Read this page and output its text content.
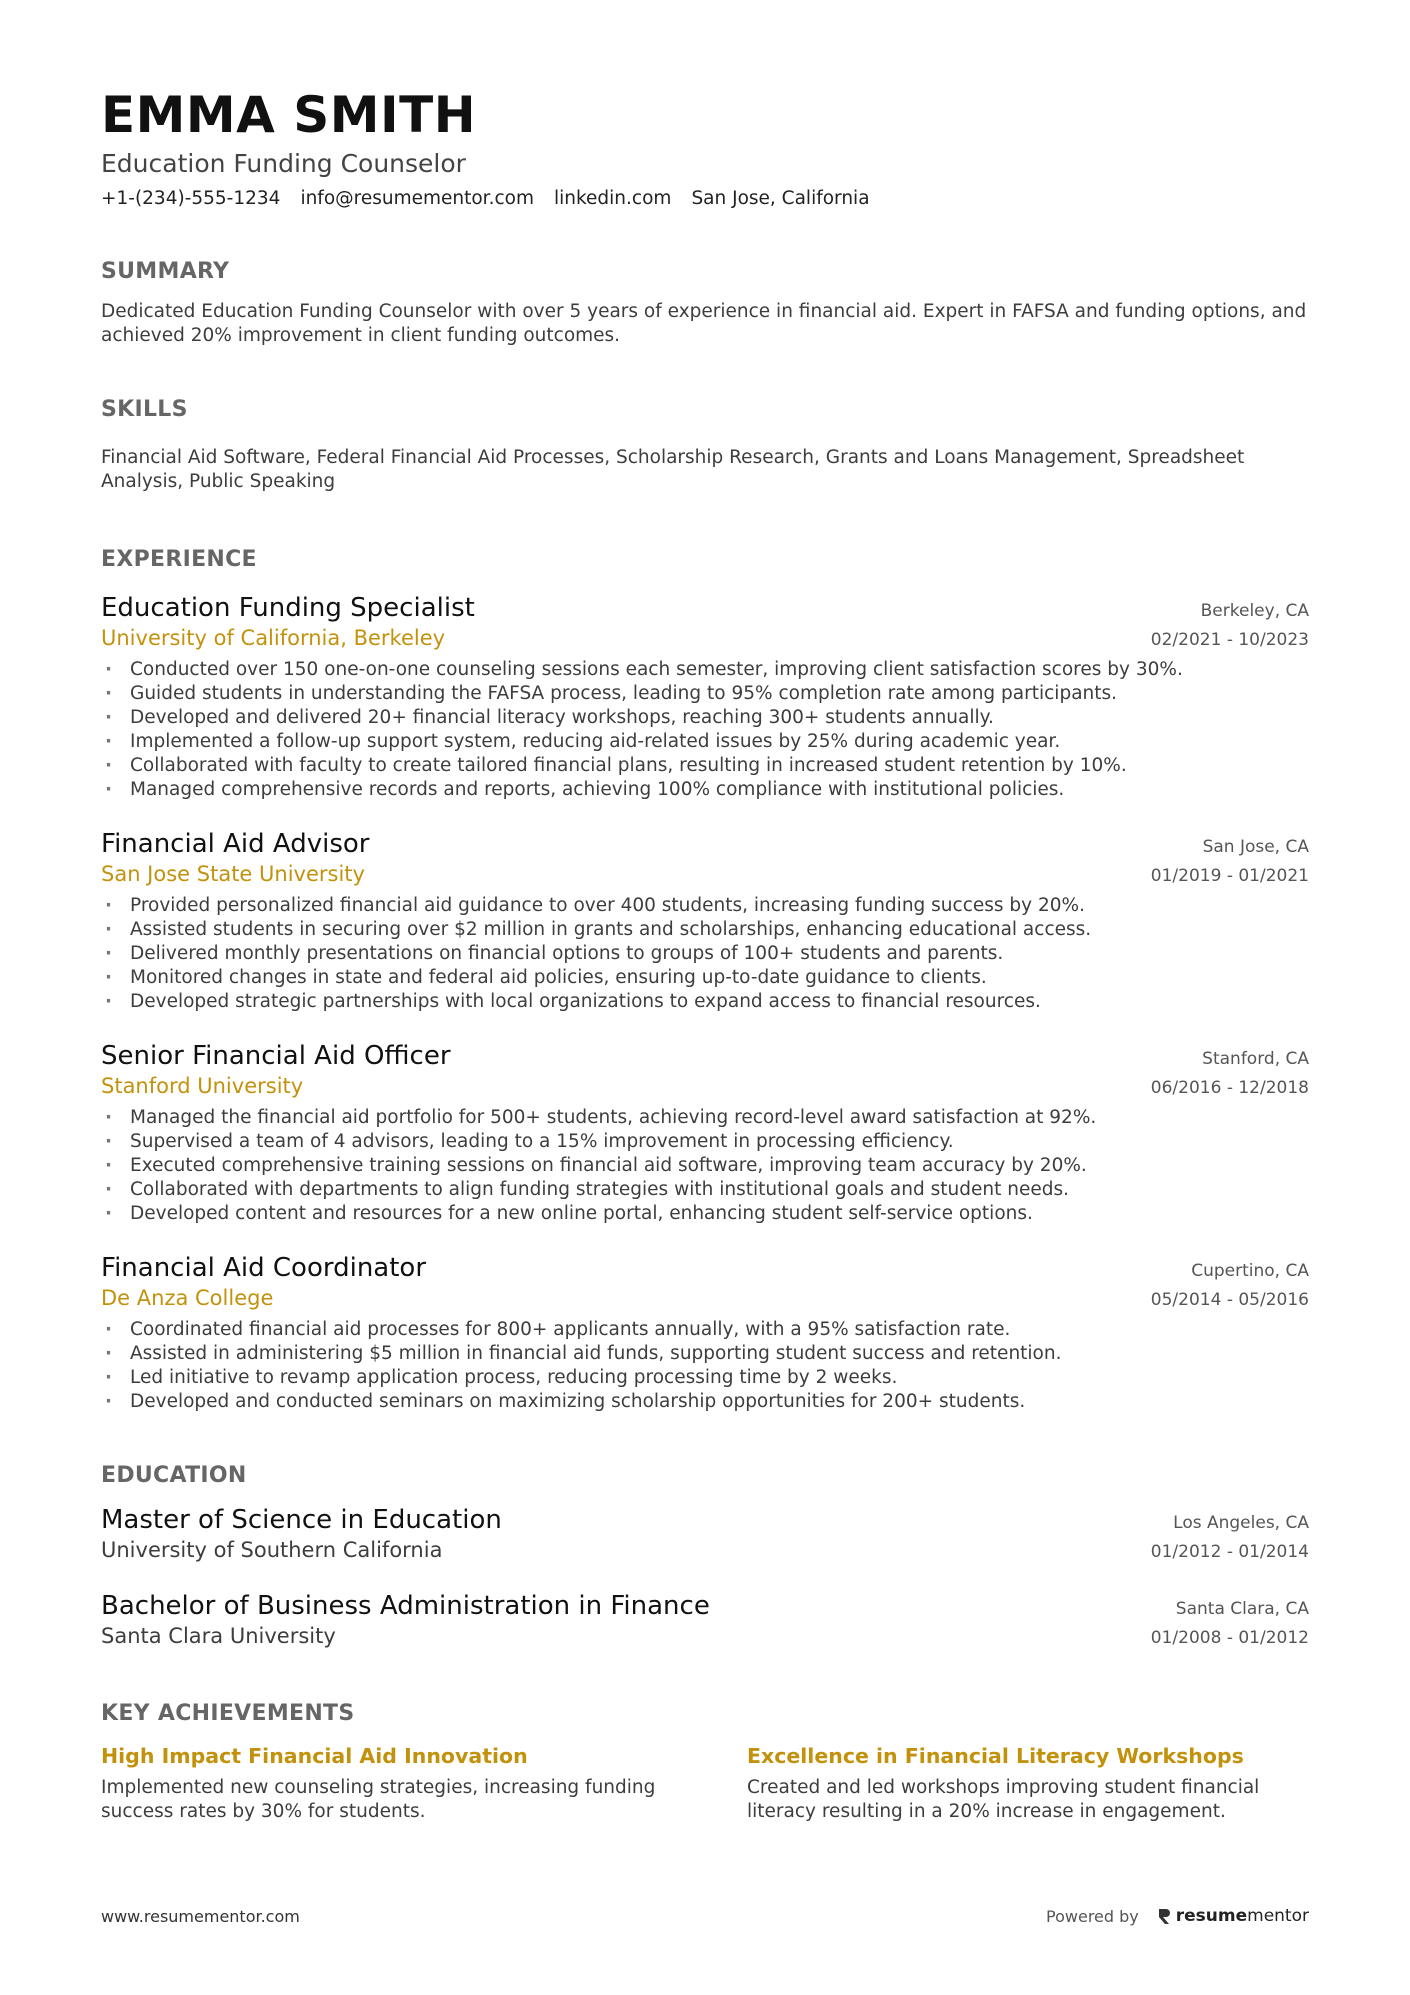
EMMA SMITH
Education Funding Counselor
+1-(234)-555-1234 info@resumementor.com linkedin.com San Jose, California
SUMMARY
Dedicated Education Funding Counselor with over 5 years of experience in financial aid. Expert in FAFSA and funding options, and achieved 20% improvement in client funding outcomes.
SKILLS
Financial Aid Software, Federal Financial Aid Processes, Scholarship Research, Grants and Loans Management, Spreadsheet Analysis, Public Speaking
EXPERIENCE
Education Funding Specialist	Berkeley, CA
University of California, Berkeley	02/2021 - 10/2023
· Conducted over 150 one-on-one counseling sessions each semester, improving client satisfaction scores by 30%.
· Guided students in understanding the FAFSA process, leading to 95% completion rate among participants.
· Developed and delivered 20+ financial literacy workshops, reaching 300+ students annually.
· Implemented a follow-up support system, reducing aid-related issues by 25% during academic year.
· Collaborated with faculty to create tailored financial plans, resulting in increased student retention by 10%.
· Managed comprehensive records and reports, achieving 100% compliance with institutional policies.
Financial Aid Advisor	San Jose, CA
San Jose State University	01/2019 - 01/2021
· Provided personalized financial aid guidance to over 400 students, increasing funding success by 20%.
· Assisted students in securing over $2 million in grants and scholarships, enhancing educational access.
· Delivered monthly presentations on financial options to groups of 100+ students and parents.
· Monitored changes in state and federal aid policies, ensuring up-to-date guidance to clients.
· Developed strategic partnerships with local organizations to expand access to financial resources.
Senior Financial Aid Officer	Stanford, CA
Stanford University	06/2016 - 12/2018
· Managed the financial aid portfolio for 500+ students, achieving record-level award satisfaction at 92%.
· Supervised a team of 4 advisors, leading to a 15% improvement in processing efficiency.
· Executed comprehensive training sessions on financial aid software, improving team accuracy by 20%.
· Collaborated with departments to align funding strategies with institutional goals and student needs.
· Developed content and resources for a new online portal, enhancing student self-service options.
Financial Aid Coordinator	Cupertino, CA
De Anza College	05/2014 - 05/2016
· Coordinated financial aid processes for 800+ applicants annually, with a 95% satisfaction rate.
· Assisted in administering $5 million in financial aid funds, supporting student success and retention.
· Led initiative to revamp application process, reducing processing time by 2 weeks.
· Developed and conducted seminars on maximizing scholarship opportunities for 200+ students.
EDUCATION
Master of Science in Education	Los Angeles, CA
University of Southern California	01/2012 - 01/2014
Bachelor of Business Administration in Finance	Santa Clara, CA
Santa Clara University	01/2008 - 01/2012
KEY ACHIEVEMENTS
High Impact Financial Aid Innovation
Implemented new counseling strategies, increasing funding success rates by 30% for students.
Excellence in Financial Literacy Workshops
Created and led workshops improving student financial literacy resulting in a 20% increase in engagement.
www.resumementor.com	Powered by resumementor
